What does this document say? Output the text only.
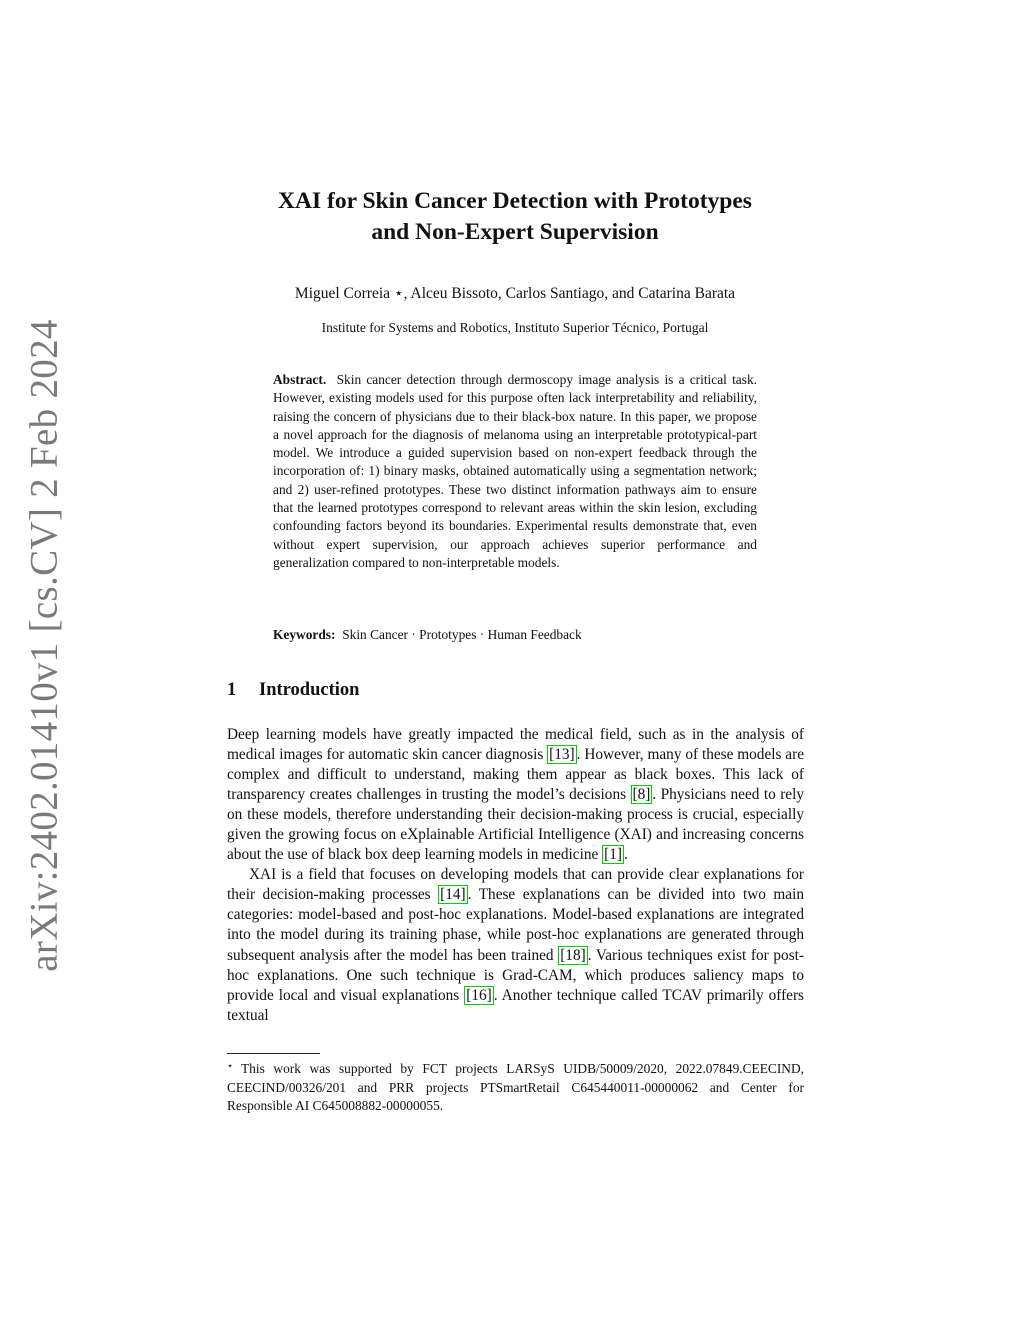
arXiv:2402.01410v1 [cs.CV] 2 Feb 2024
XAI for Skin Cancer Detection with Prototypes
and Non-Expert Supervision
Miguel Correia ⋆, Alceu Bissoto, Carlos Santiago, and Catarina Barata
Institute for Systems and Robotics, Instituto Superior Técnico, Portugal

Abstract. Skin cancer detection through dermoscopy image analysis is a critical task. However, existing models used for this purpose often lack interpretability and reliability, raising the concern of physicians due to their black-box nature. In this paper, we propose a novel approach for the diagnosis of melanoma using an interpretable prototypical-part model. We introduce a guided supervision based on non-expert feedback through the incorporation of: 1) binary masks, obtained automatically using a segmentation network; and 2) user-refined prototypes. These two distinct information pathways aim to ensure that the learned prototypes correspond to relevant areas within the skin lesion, excluding confounding factors beyond its boundaries. Experimental results demonstrate that, even without expert supervision, our approach achieves superior performance and generalization compared to non-interpretable models.

Keywords: Skin Cancer · Prototypes · Human Feedback
1 Introduction

Deep learning models have greatly impacted the medical field, such as in the analysis of medical images for automatic skin cancer diagnosis [13] . However, many of these models are complex and difficult to understand, making them appear as black boxes. This lack of transparency creates challenges in trusting the model’s decisions [8] . Physicians need to rely on these models, therefore understanding their decision-making process is crucial, especially given the growing focus on eXplainable Artificial Intelligence (XAI) and increasing concerns about the use of black box deep learning models in medicine [1] .

XAI is a field that focuses on developing models that can provide clear explanations for their decision-making processes [14] . These explanations can be divided into two main categories: model-based and post-hoc explanations. Model-based explanations are integrated into the model during its training phase, while post-hoc explanations are generated through subsequent analysis after the model has been trained [18] . Various techniques exist for post-hoc explanations. One such technique is Grad-CAM, which produces saliency maps to provide local and visual explanations [16] . Another technique called TCAV primarily offers textual

⋆ This work was supported by FCT projects LARSyS UIDB/50009/2020, 2022.07849.CEECIND, CEECIND/00326/201 and PRR projects PTSmartRetail C645440011-00000062 and Center for Responsible AI C645008882-00000055.
